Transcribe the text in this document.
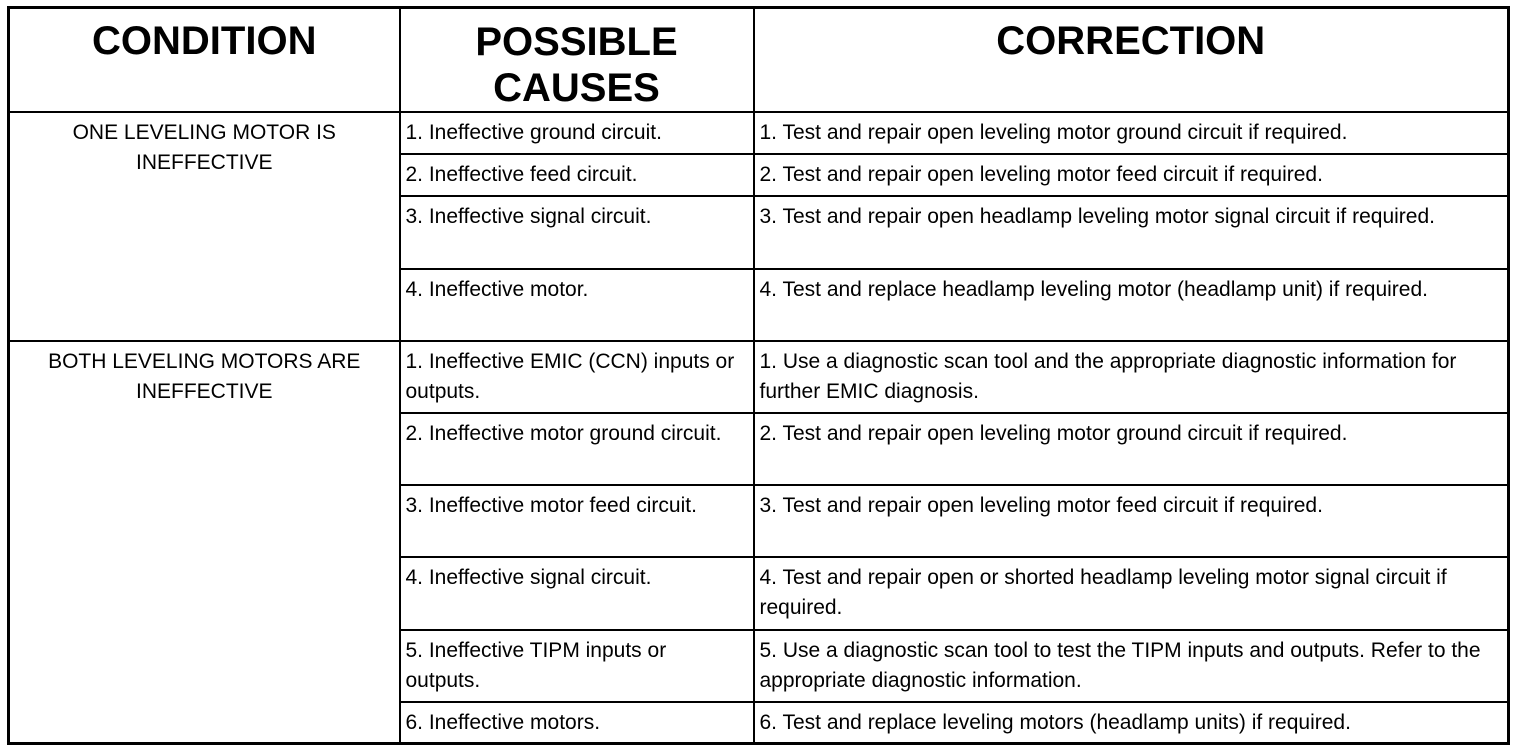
CONDITION	POSSIBLE CAUSES	CORRECTION
ONE LEVELING MOTOR IS INEFFECTIVE	1. Ineffective ground circuit.	1. Test and repair open leveling motor ground circuit if required.
	2. Ineffective feed circuit.	2. Test and repair open leveling motor feed circuit if required.
	3. Ineffective signal circuit.	3. Test and repair open headlamp leveling motor signal circuit if required.
	4. Ineffective motor.	4. Test and replace headlamp leveling motor (headlamp unit) if required.
BOTH LEVELING MOTORS ARE INEFFECTIVE	1. Ineffective EMIC (CCN) inputs or outputs.	1. Use a diagnostic scan tool and the appropriate diagnostic information for further EMIC diagnosis.
	2. Ineffective motor ground circuit.	2. Test and repair open leveling motor ground circuit if required.
	3. Ineffective motor feed circuit.	3. Test and repair open leveling motor feed circuit if required.
	4. Ineffective signal circuit.	4. Test and repair open or shorted headlamp leveling motor signal circuit if required.
	5. Ineffective TIPM inputs or outputs.	5. Use a diagnostic scan tool to test the TIPM inputs and outputs. Refer to the appropriate diagnostic information.
	6. Ineffective motors.	6. Test and replace leveling motors (headlamp units) if required.
